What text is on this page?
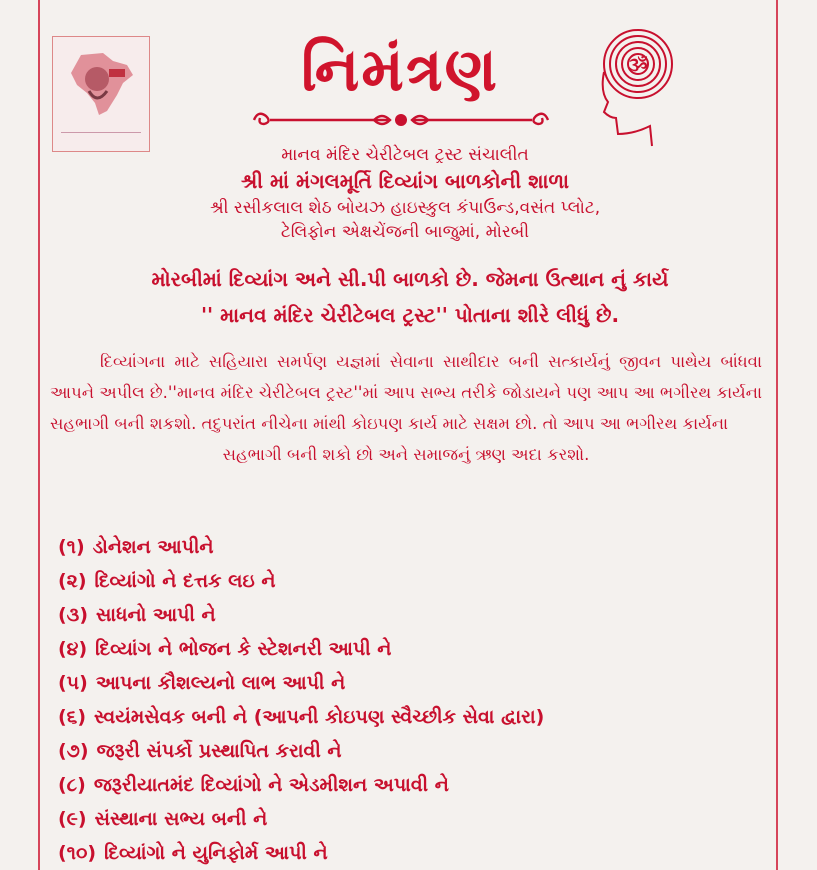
ૐ
નિમંત્રણ

માનવ મંદિર ચેરીટેબલ ટ્રસ્ટ સંચાલીત

શ્રી માં મંગલમૂર્તિ દિવ્યાંગ બાળકોની શાળા

શ્રી રસીકલાલ શેઠ બોયઝ હાઇસ્કુલ કંપાઉન્ડ,વસંત પ્લોટ,

ટેલિફોન એક્ષચેંજની બાજુમાં, મોરબી

મોરબીમાં દિવ્યાંગ અને સી.પી બાળકો છે. જેમના ઉત્થાન નું કાર્ય

'' માનવ મંદિર ચેરીટેબલ ટ્રસ્ટ'' પોતાના શીરે લીધું છે.

દિવ્યાંગના માટે સહિયારા સમર્પણ યજ્ઞમાં સેવાના સાથીદાર બની સત્કાર્યનું જીવન પાથેય બાંધવા આપને અપીલ છે.''માનવ મંદિર ચેરીટેબલ ટ્રસ્ટ''માં આપ સભ્ય તરીકે જોડાયને પણ આપ આ ભગીરથ કાર્યના સહભાગી બની શકશો. તદુપરાંત નીચેના માંથી કોઇપણ કાર્ય માટે સક્ષમ છો. તો આપ આ ભગીરથ કાર્યના

સહભાગી બની શકો છો અને સમાજનું ઋણ અદા કરશો.

(૧) ડોનેશન આપીને
(૨) દિવ્યાંગો ને દત્તક લઇ ને
(૩) સાધનો આપી ને
(૪) દિવ્યાંગ ને ભોજન કે સ્ટેશનરી આપી ને
(૫) આપના કૌશલ્યનો લાભ આપી ને
(૬) સ્વયંમસેવક બની ને (આપની કોઇપણ સ્વૈચ્છીક સેવા દ્વારા)
(૭) જરૂરી સંપર્કો પ્રસ્થાપિત કરાવી ને
(૮) જરૂરીયાતમંદ દિવ્યાંગો ને એડમીશન અપાવી ને
(૯) સંસ્થાના સભ્ય બની ને
(૧૦) દિવ્યાંગો ને યુનિફોર્મ આપી ને
